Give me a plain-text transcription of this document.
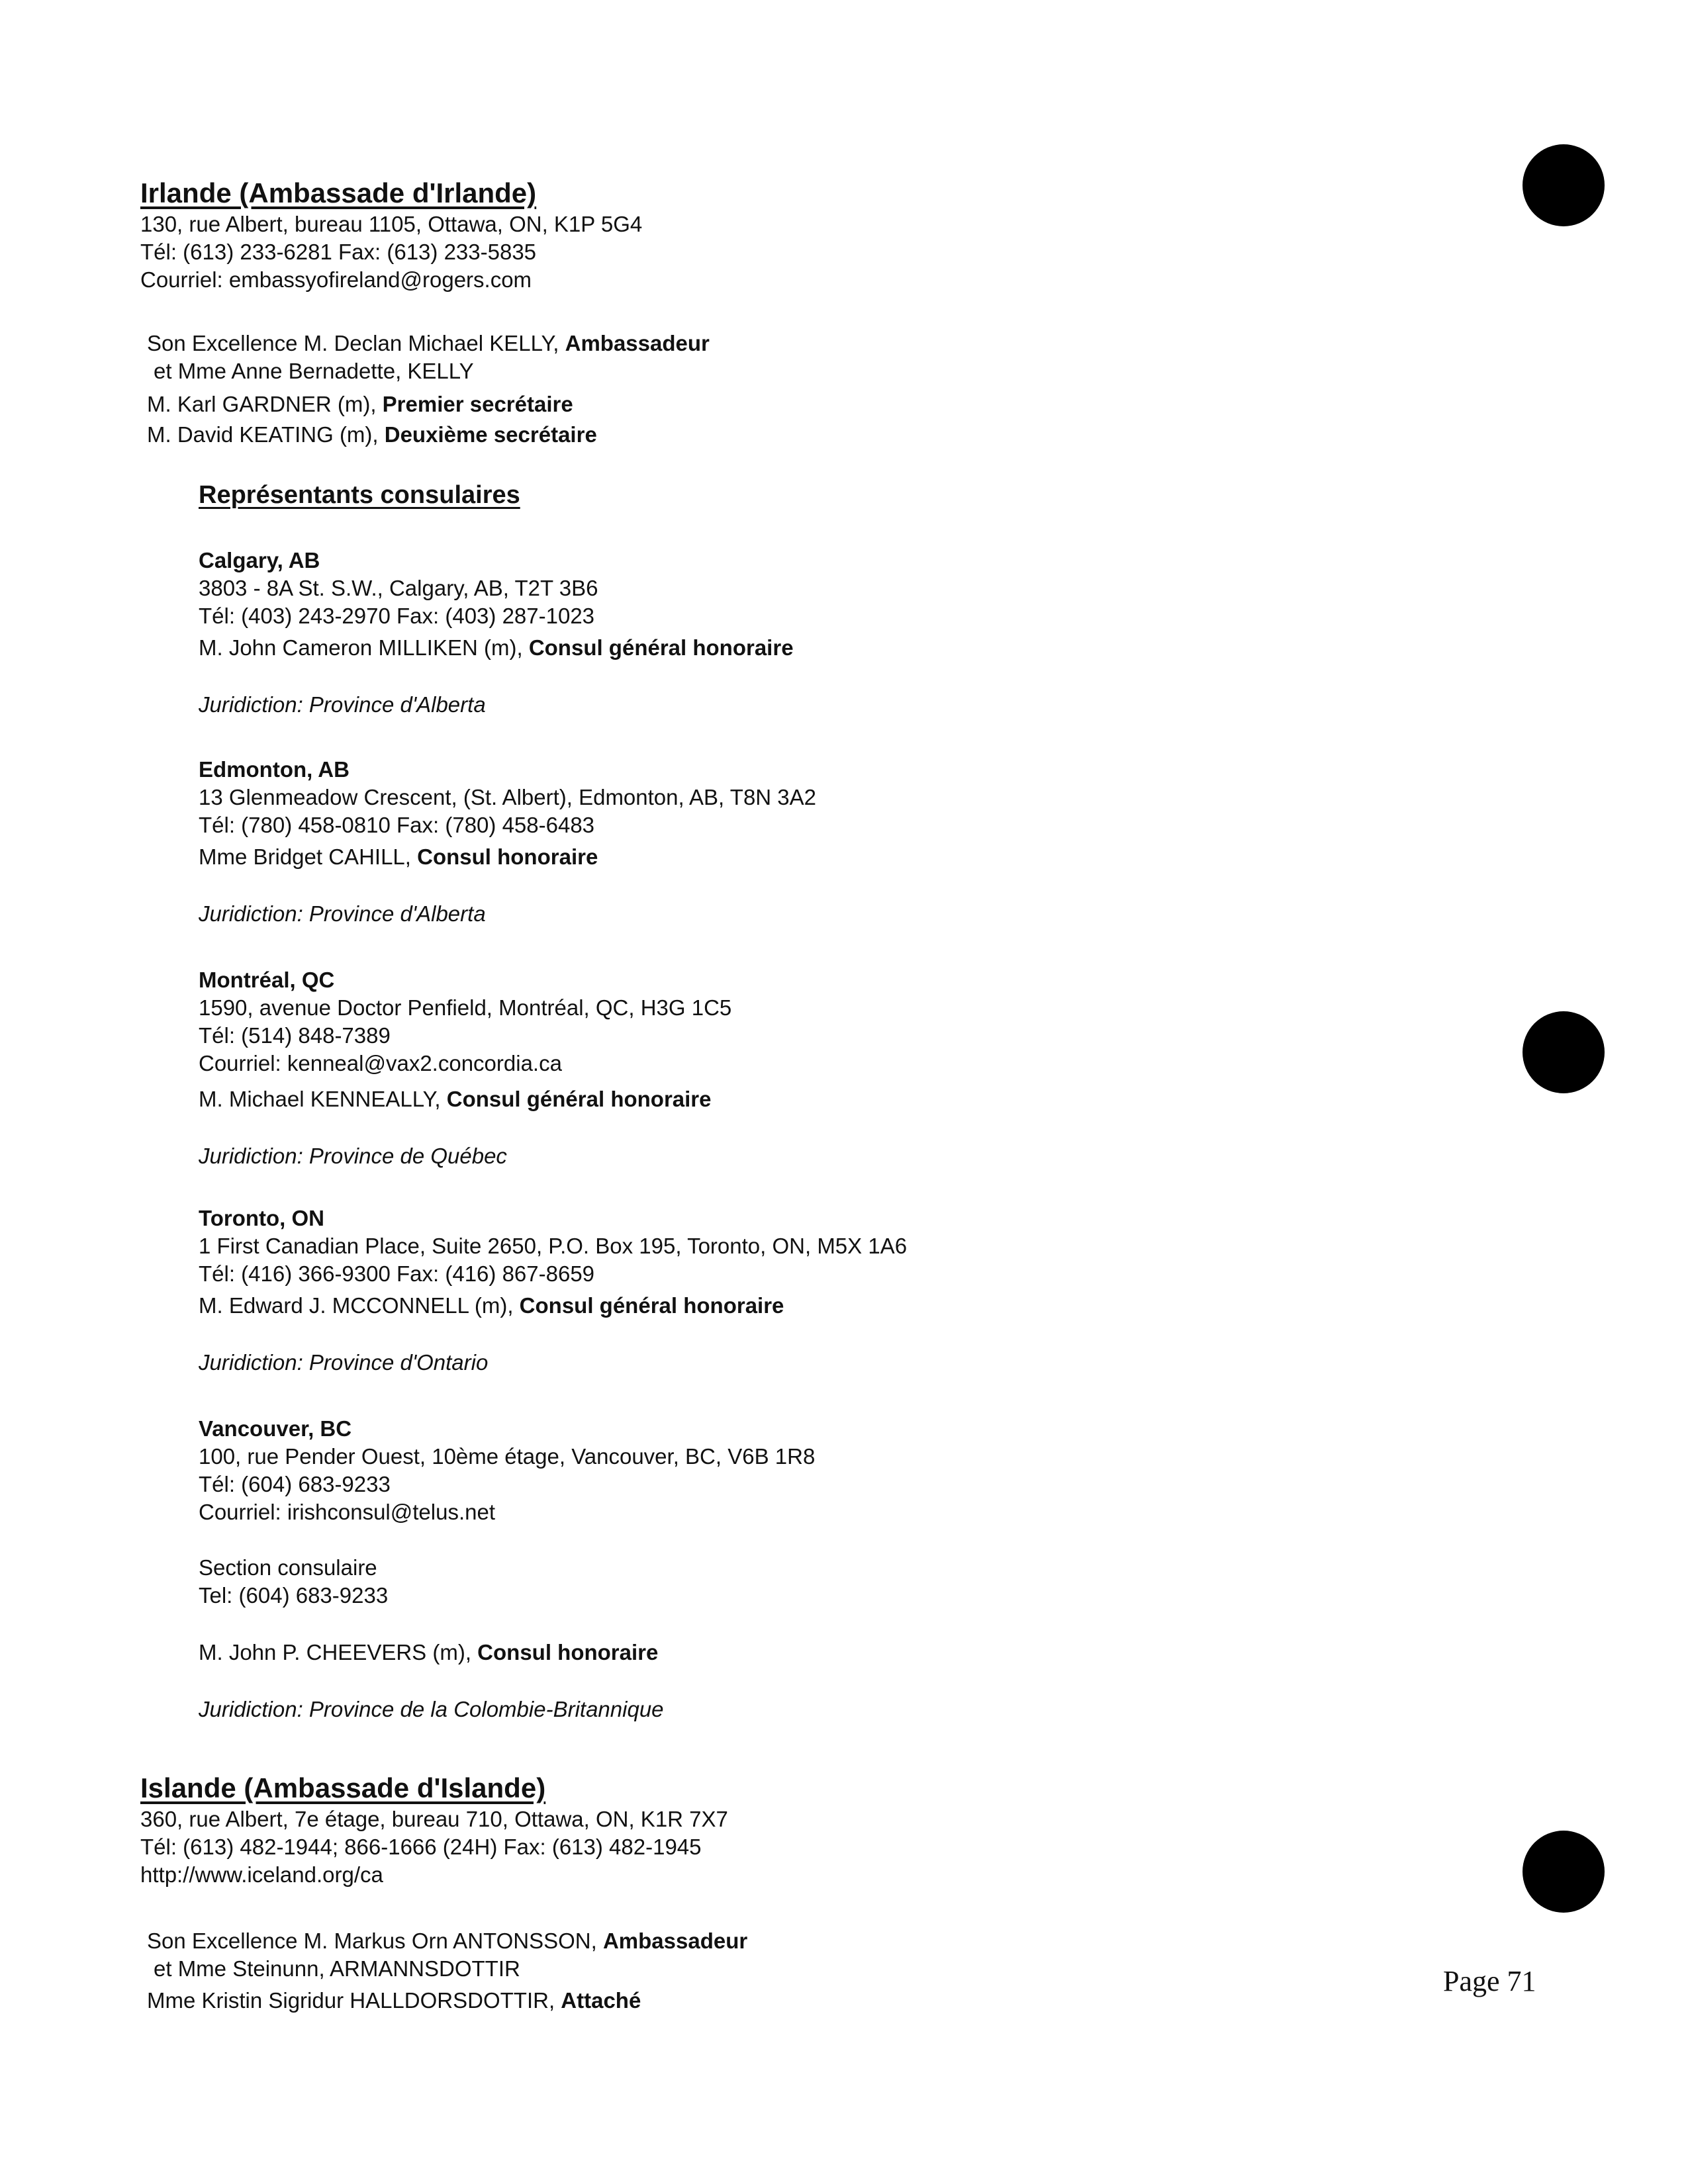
Irlande (Ambassade d'Irlande)
130, rue Albert, bureau 1105, Ottawa, ON, K1P 5G4
Tél: (613) 233-6281 Fax: (613) 233-5835
Courriel: embassyofireland@rogers.com
Son Excellence M. Declan Michael KELLY, Ambassadeur
et Mme Anne Bernadette, KELLY
M. Karl GARDNER (m), Premier secrétaire
M. David KEATING (m), Deuxième secrétaire
Représentants consulaires
Calgary, AB
3803 - 8A St. S.W., Calgary, AB, T2T 3B6
Tél: (403) 243-2970 Fax: (403) 287-1023
M. John Cameron MILLIKEN (m), Consul général honoraire
Juridiction: Province d'Alberta
Edmonton, AB
13 Glenmeadow Crescent, (St. Albert), Edmonton, AB, T8N 3A2
Tél: (780) 458-0810 Fax: (780) 458-6483
Mme Bridget CAHILL, Consul honoraire
Juridiction: Province d'Alberta
Montréal, QC
1590, avenue Doctor Penfield, Montréal, QC, H3G 1C5
Tél: (514) 848-7389
Courriel: kenneal@vax2.concordia.ca
M. Michael KENNEALLY, Consul général honoraire
Juridiction: Province de Québec
Toronto, ON
1 First Canadian Place, Suite 2650, P.O. Box 195, Toronto, ON, M5X 1A6
Tél: (416) 366-9300 Fax: (416) 867-8659
M. Edward J. MCCONNELL (m), Consul général honoraire
Juridiction: Province d'Ontario
Vancouver, BC
100, rue Pender Ouest, 10ème étage, Vancouver, BC, V6B 1R8
Tél: (604) 683-9233
Courriel: irishconsul@telus.net
Section consulaire
Tel: (604) 683-9233
M. John P. CHEEVERS (m), Consul honoraire
Juridiction: Province de la Colombie-Britannique
Islande (Ambassade d'Islande)
360, rue Albert, 7e étage, bureau 710, Ottawa, ON, K1R 7X7
Tél: (613) 482-1944; 866-1666 (24H) Fax: (613) 482-1945
http://www.iceland.org/ca
Son Excellence M. Markus Orn ANTONSSON, Ambassadeur
et Mme Steinunn, ARMANNSDOTTIR
Mme Kristin Sigridur HALLDORSDOTTIR, Attaché
Page 71
